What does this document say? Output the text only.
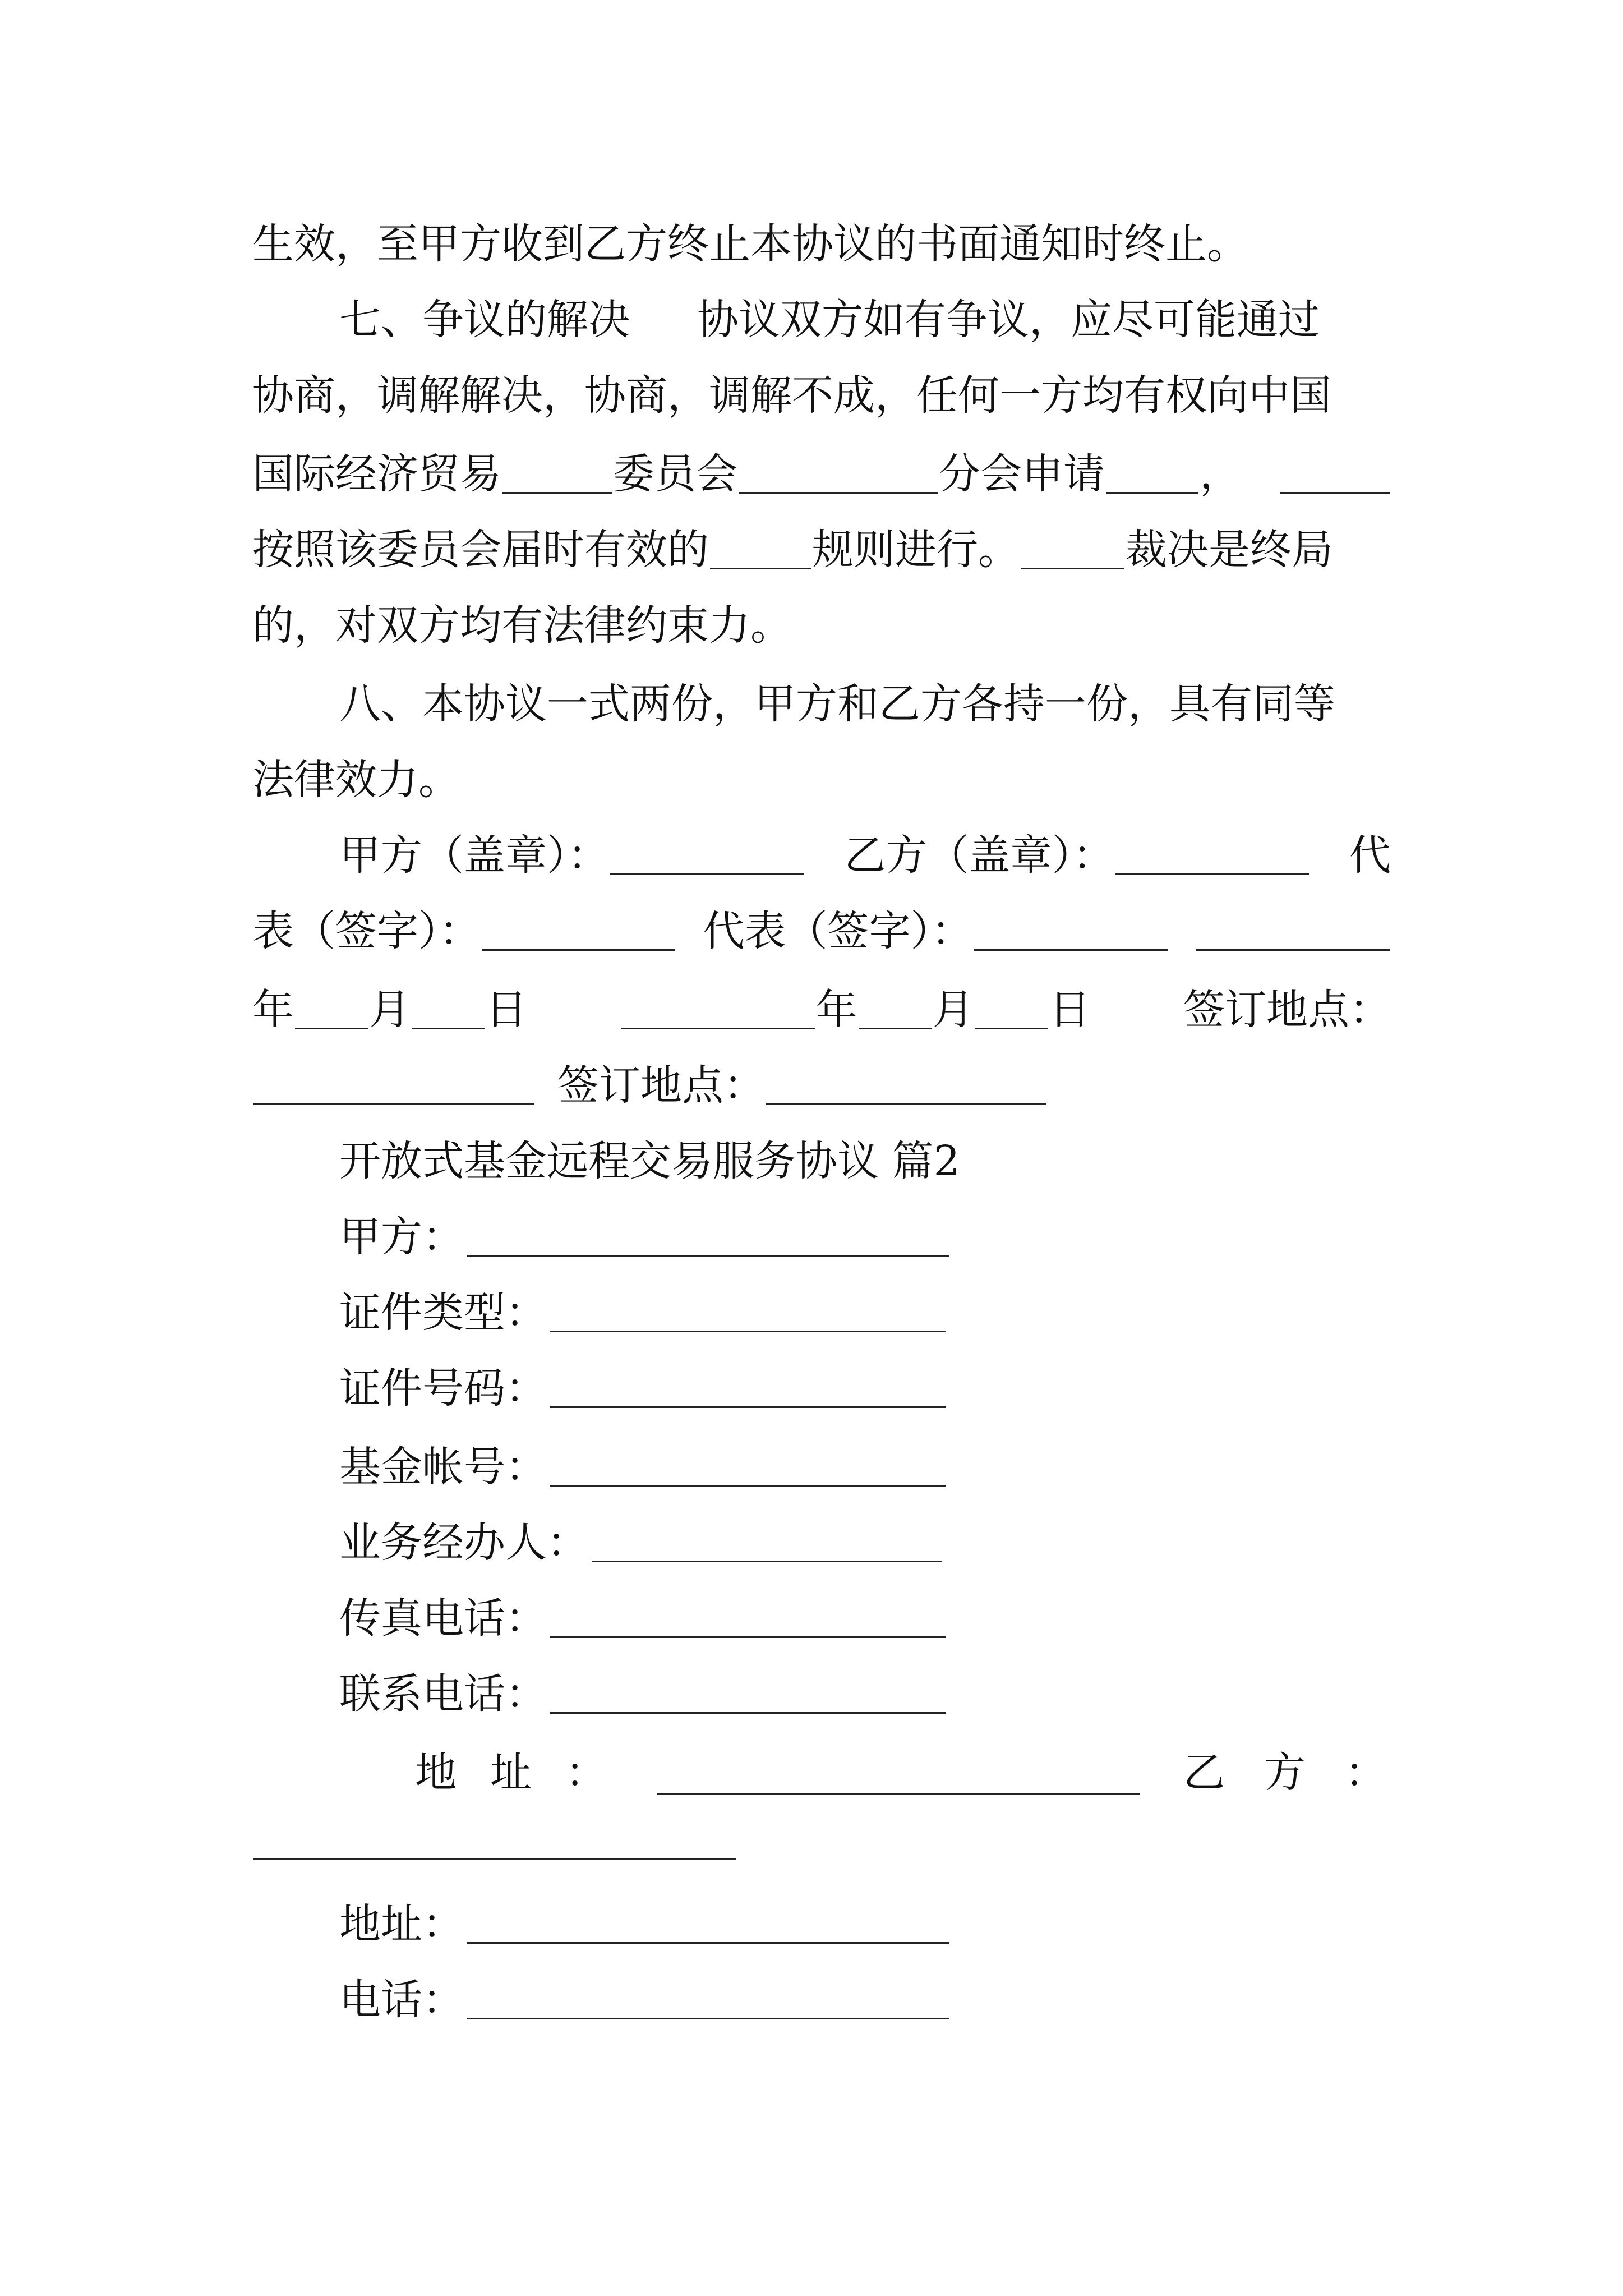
生效，至甲方收到乙方终止本协议的书面通知时终止。
七、争议的解决 协议双方如有争议，应尽可能通过
协商，调解解决，协商，调解不成，任何一方均有权向中国
国际经济贸易	委员会	分会申请 ，
按照该委员会届时有效的 规则进行。	裁决是终局
的，对双方均有法律约束力。
八、本协议一式两份，甲方和乙方各持一份，具有同等
法律效力。
甲方（盖章）：	乙方（盖章）：	代
表（签字）：	代表（签字）：
年 月 日	年 月 日 签订地点：
签订地点：
开放式基金远程交易服务协议 篇2
甲方：
证件类型：
证件号码：
基金帐号：
业务经办人：
传真电话：
联系电话：
地 址 ：	乙 方 ：
地址：
电话：
